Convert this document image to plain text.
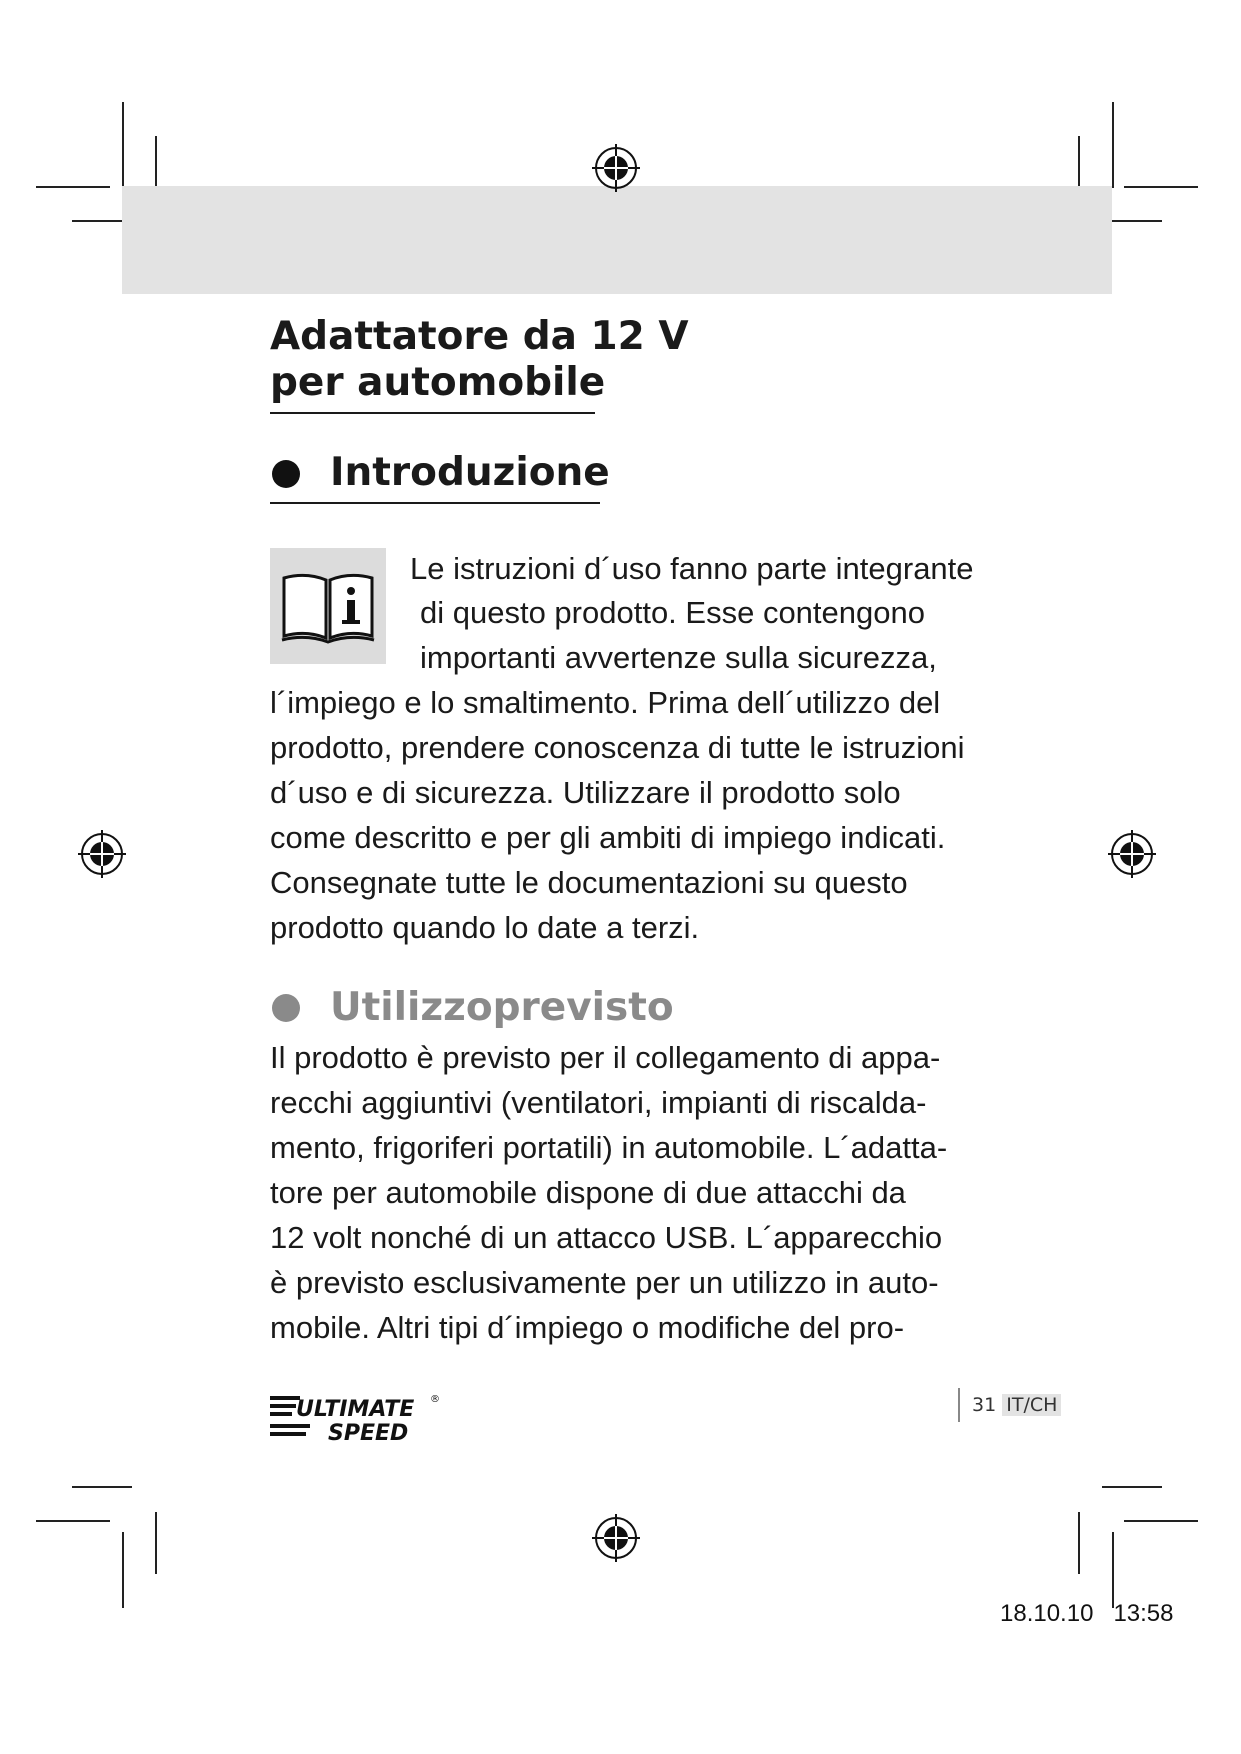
Adattatore da 12 V
per automobile
Introduzione

Le istruzioni d´uso fanno parte integrante

di questo prodotto. Esse contengono

importanti avvertenze sulla sicurezza,

l´impiego e lo smaltimento. Prima dell´utilizzo del

prodotto, prendere conoscenza di tutte le istruzioni

d´uso e di sicurezza. Utilizzare il prodotto solo

come descritto e per gli ambiti di impiego indicati.

Consegnate tutte le documentazioni su questo

prodotto quando lo date a terzi.

Utilizzoprevisto

Il prodotto è previsto per il collegamento di appa-

recchi aggiuntivi (ventilatori, impianti di riscalda-

mento, frigoriferi portatili) in automobile. L´adatta-

tore per automobile dispone di due attacchi da

12 volt nonché di un attacco USB. L´apparecchio

è previsto esclusivamente per un utilizzo in auto-

mobile. Altri tipi d´impiego o modifiche del pro-

ULTIMATE
SPEED
®	31 IT/CH
18.10.10 13:58
